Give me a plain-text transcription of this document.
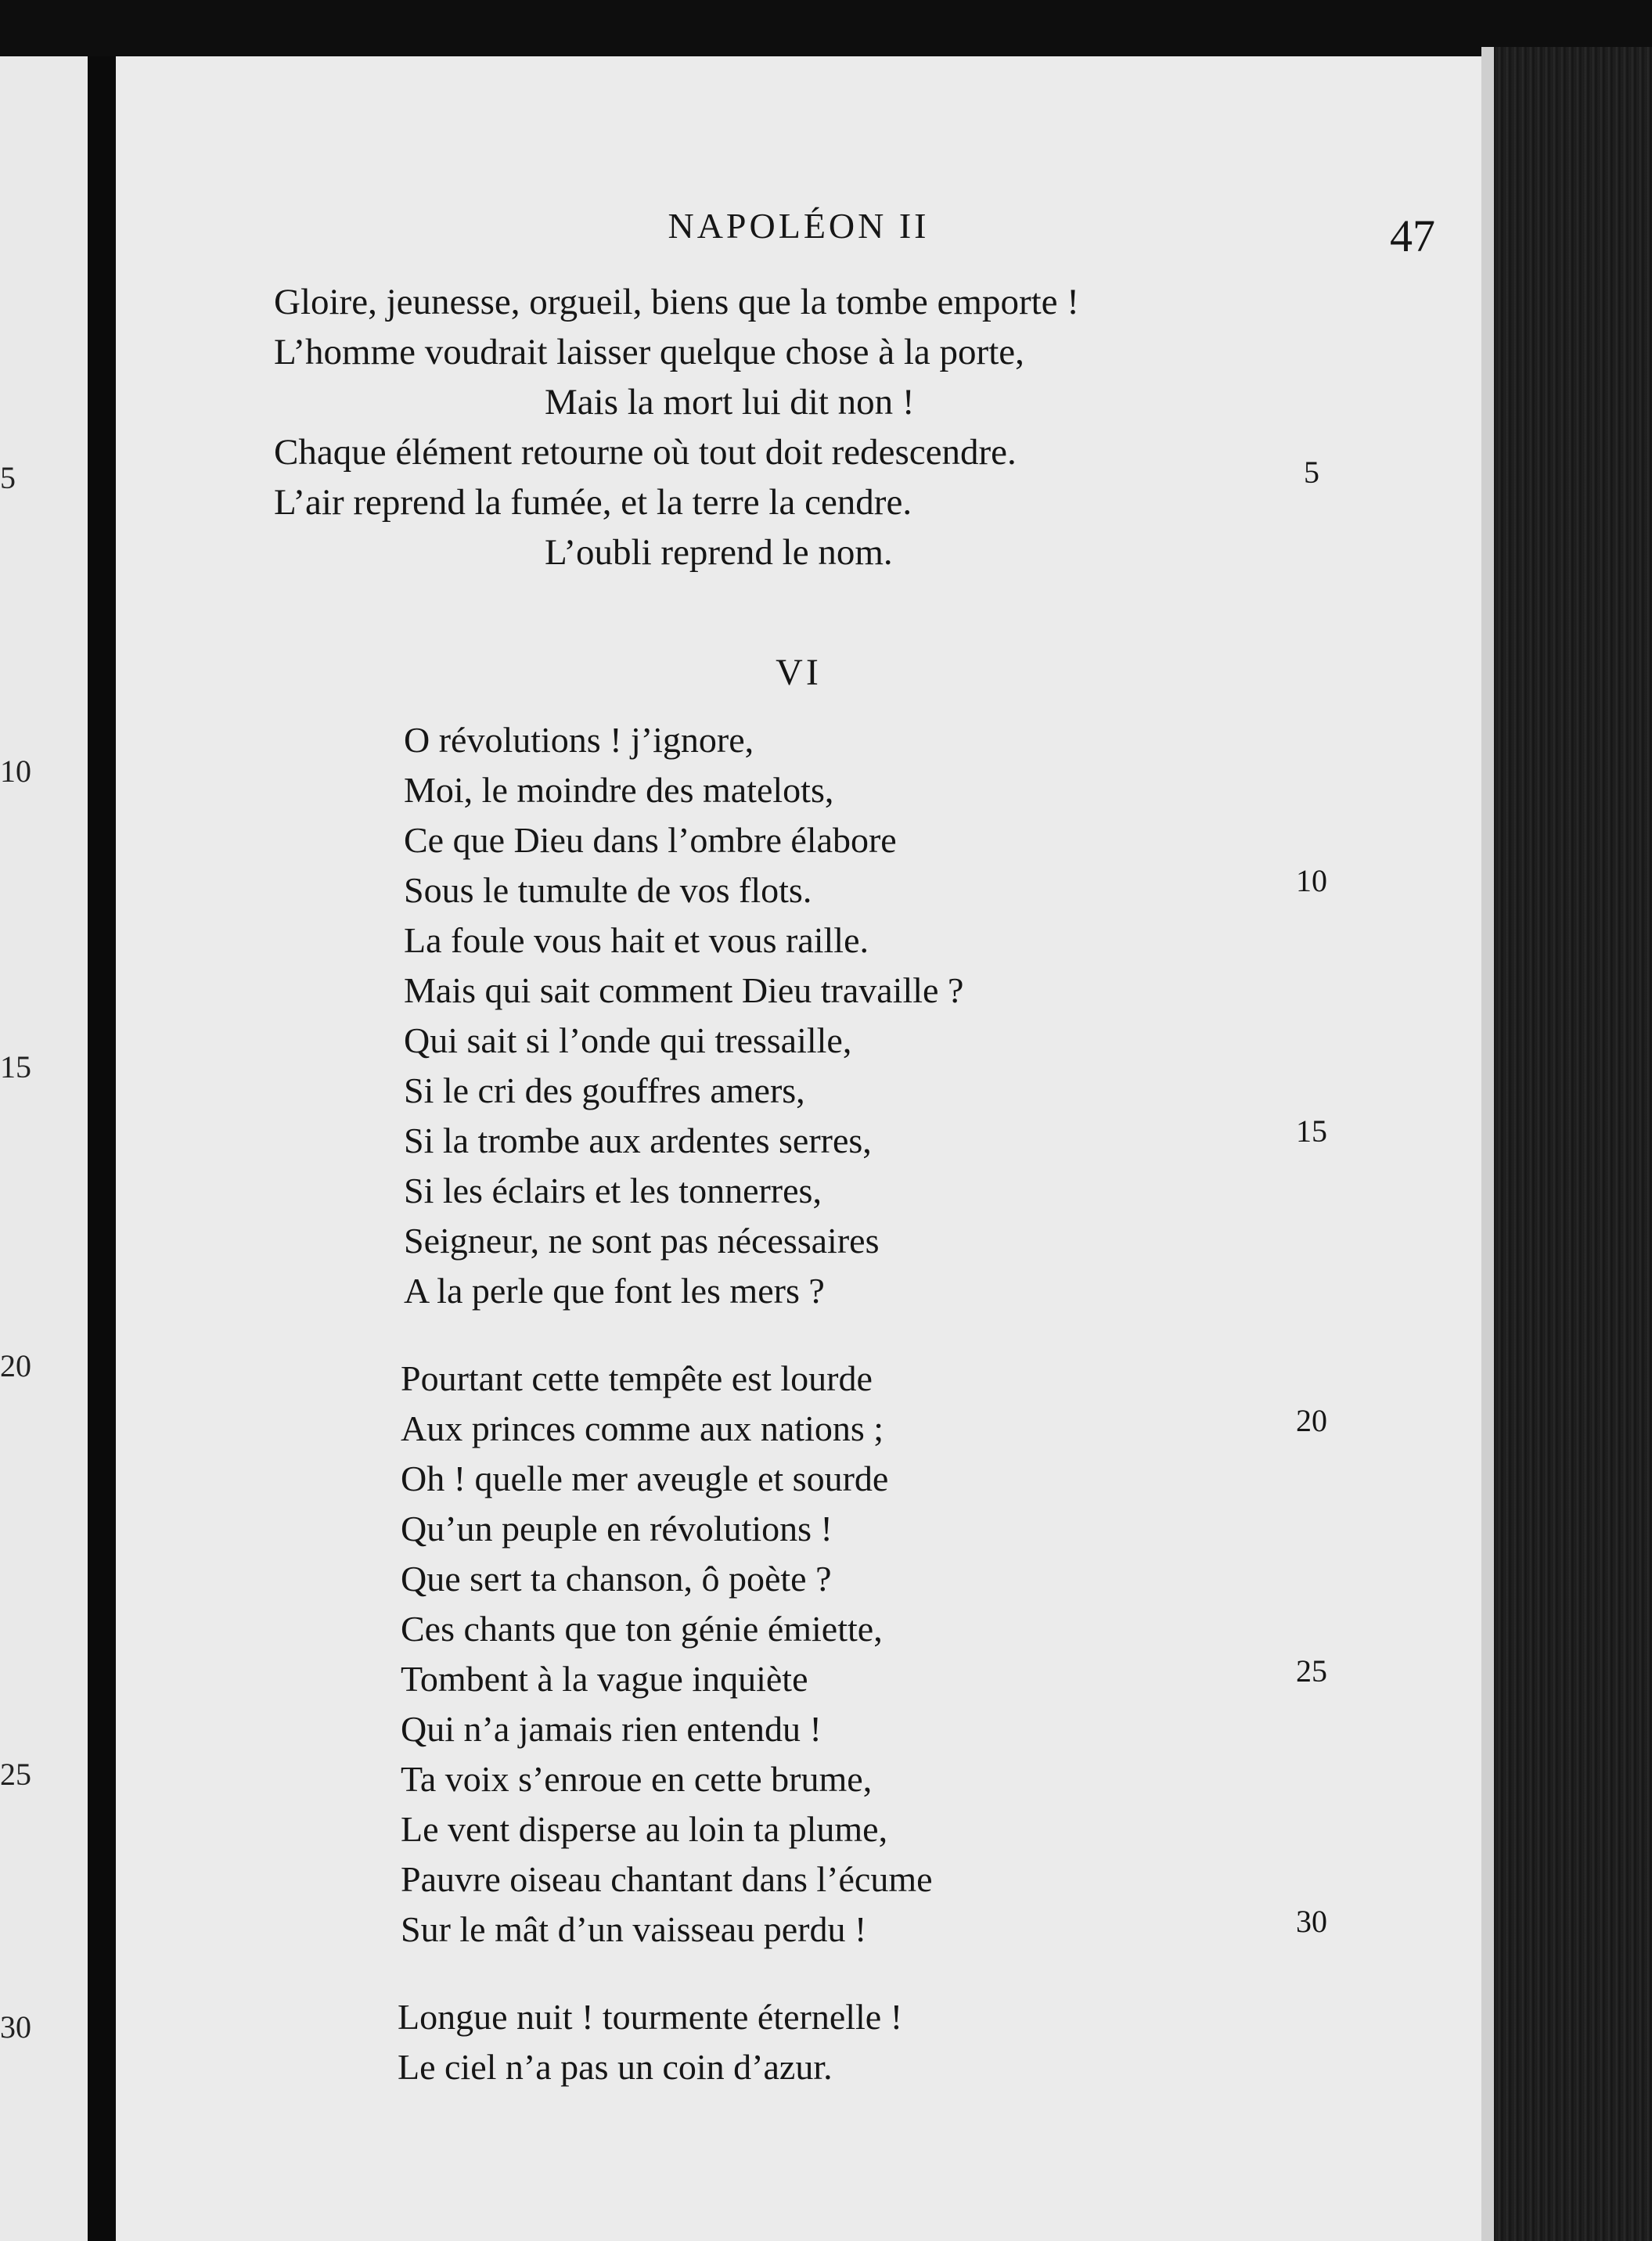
5
10
15
20
25
30
NAPOLÉON II	47
Gloire, jeunesse, orgueil, biens que la tombe emporte !
L’homme voudrait laisser quelque chose à la porte,
Mais la mort lui dit non !
Chaque élément retourne où tout doit redescendre.
L’air reprend la fumée, et la terre la cendre.
L’oubli reprend le nom.
VI
O révolutions ! j’ignore,
Moi, le moindre des matelots,
Ce que Dieu dans l’ombre élabore
Sous le tumulte de vos flots.
La foule vous hait et vous raille.
Mais qui sait comment Dieu travaille ?
Qui sait si l’onde qui tressaille,
Si le cri des gouffres amers,
Si la trombe aux ardentes serres,
Si les éclairs et les tonnerres,
Seigneur, ne sont pas nécessaires
A la perle que font les mers ?
Pourtant cette tempête est lourde
Aux princes comme aux nations ;
Oh ! quelle mer aveugle et sourde
Qu’un peuple en révolutions !
Que sert ta chanson, ô poète ?
Ces chants que ton génie émiette,
Tombent à la vague inquiète
Qui n’a jamais rien entendu !
Ta voix s’enroue en cette brume,
Le vent disperse au loin ta plume,
Pauvre oiseau chantant dans l’écume
Sur le mât d’un vaisseau perdu !
Longue nuit ! tourmente éternelle !
Le ciel n’a pas un coin d’azur.
5
10
15
20
25
30
